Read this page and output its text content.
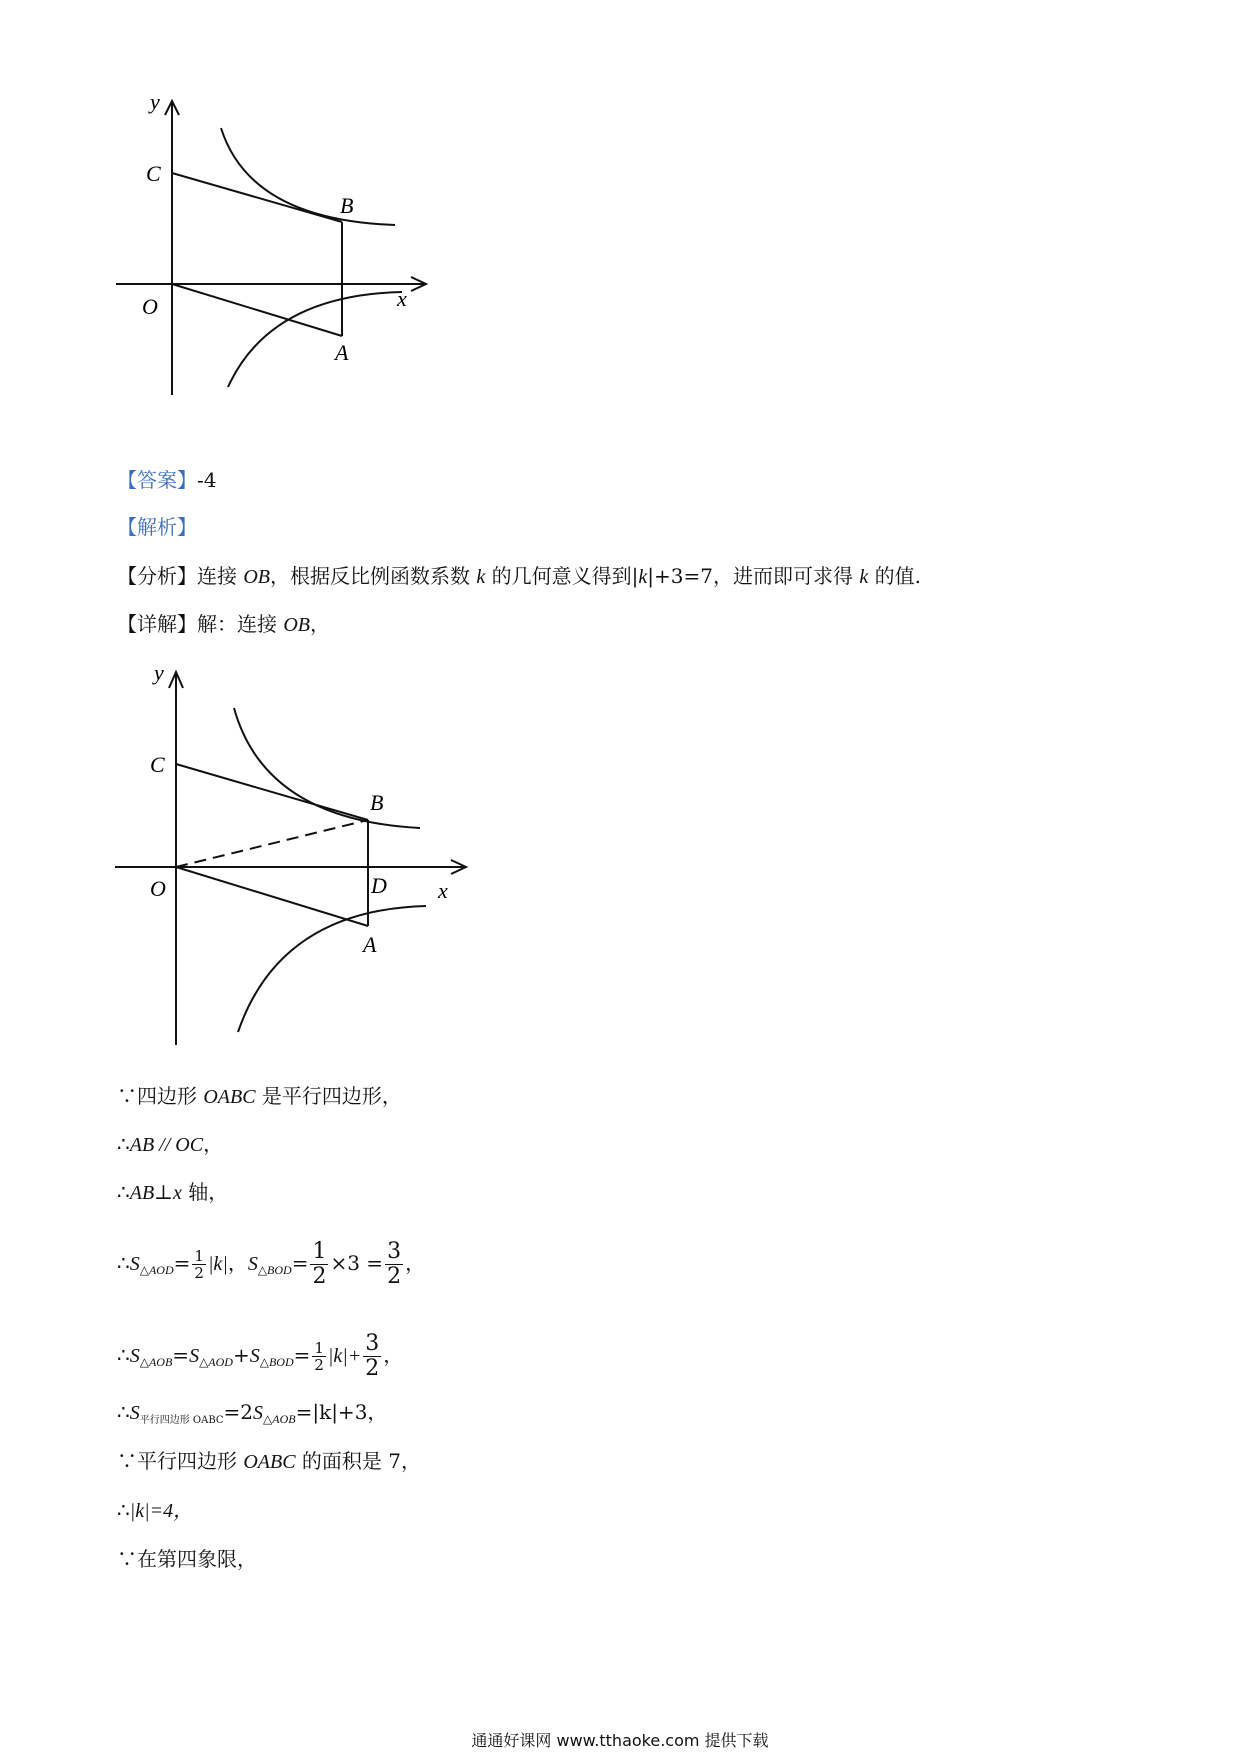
y
C
B
O	x
A
【答案】-4
【解析】
【分析】连接 OB，根据反比例函数系数 k 的几何意义得到|k|+3=7，进而即可求得 k 的值.
【详解】解：连接 OB，
y
C
B
O	D x
A
∵四边形 OABC 是平行四边形，
∴AB // OC，
∴AB⊥x 轴，
$\therefore S_{\triangle AOD}= \frac{1}{2} |k|$，$S_{\triangle BOD}= \frac{1}{2} \times 3 = \frac{3}{2}$ ，
$\therefore S_{\triangle AOB}=S_{\triangle AOD}+S_{\triangle BOD}= \frac{1}{2} |k|+ \frac{3}{2}$ ，
$\therefore S_{平行四边形 OABC}=2S_{\triangle AOB}=|k|+3$，
∵平行四边形 OABC 的面积是 7，
∴|k|=4，
∵在第四象限，
通通好课网 www.tthaoke.com 提供下载
